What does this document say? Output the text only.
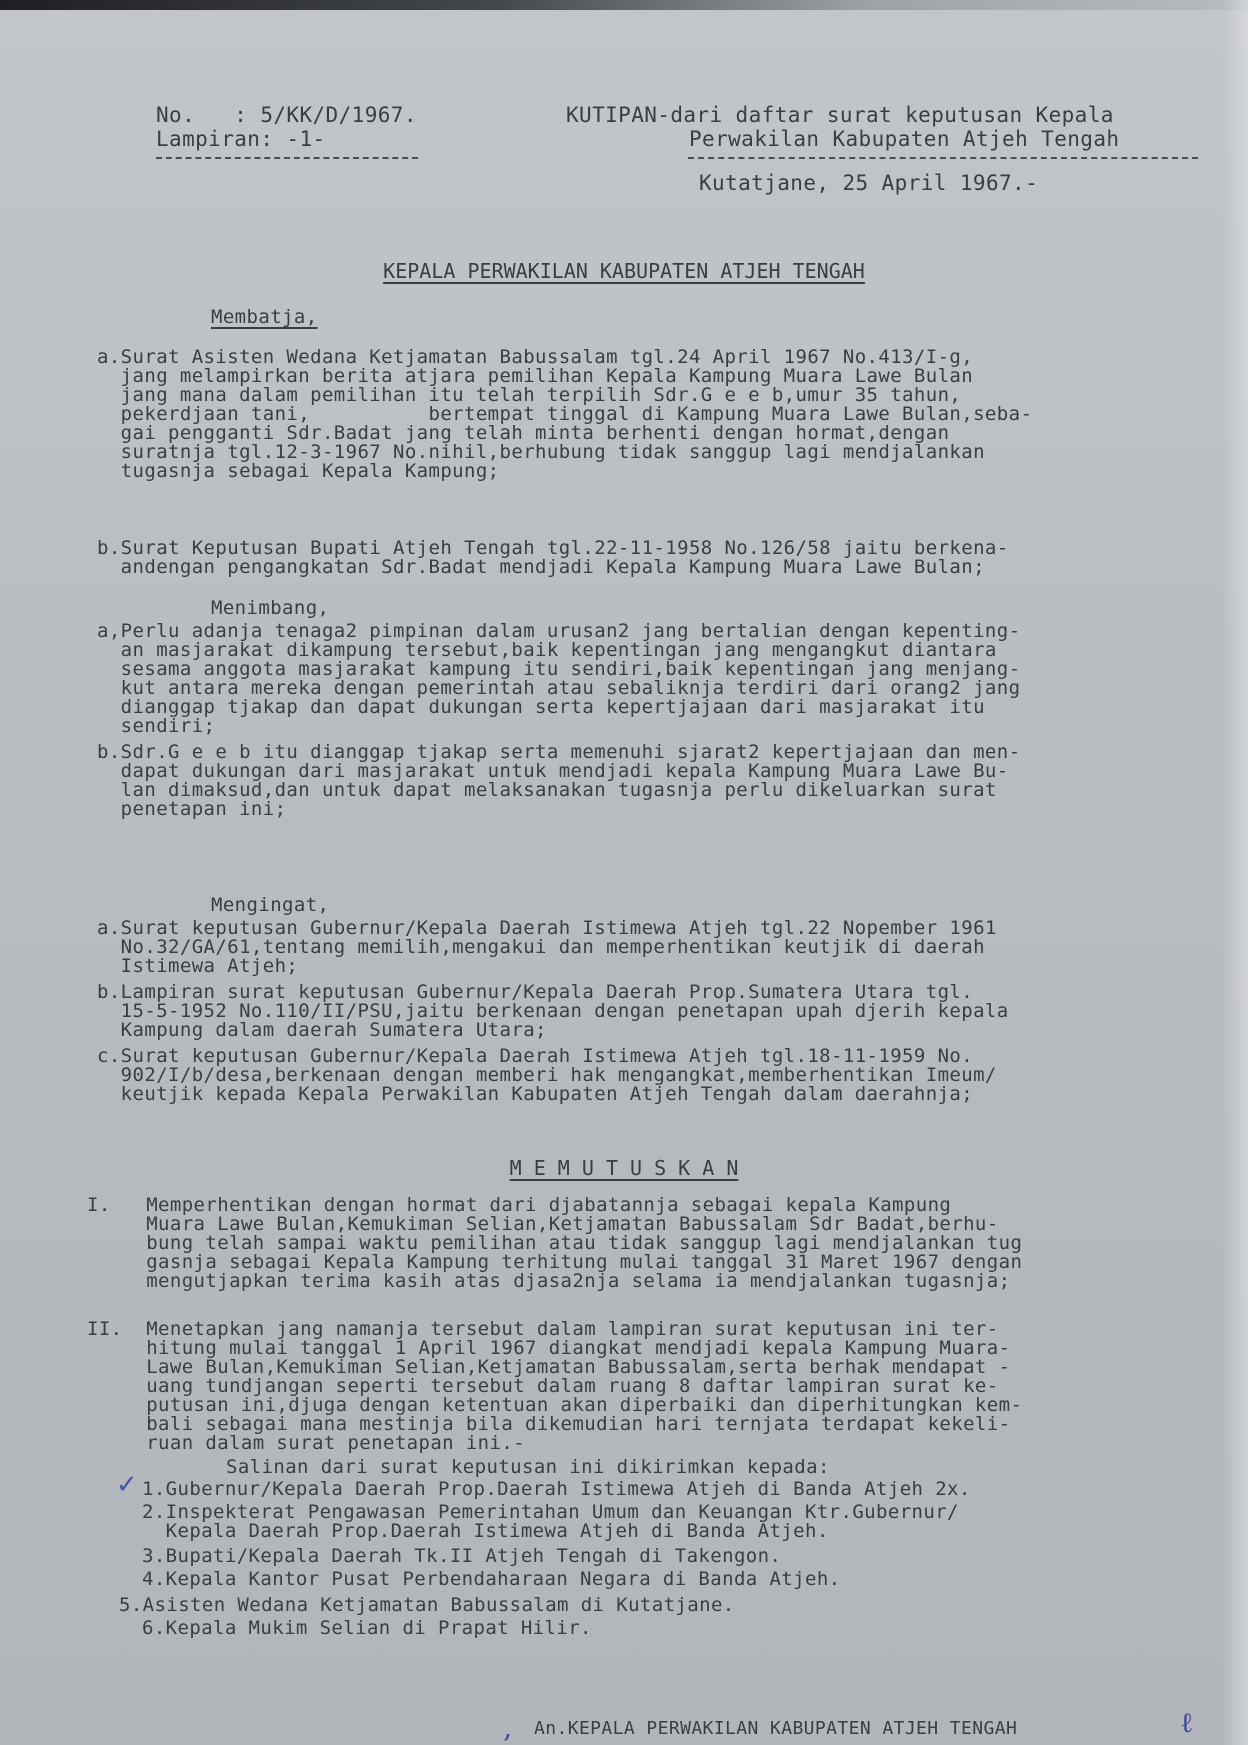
No.   : 5/KK/D/1967.
Lampiran: -1-
KUTIPAN-dari daftar surat keputusan Kepala
Perwakilan Kabupaten Atjeh Tengah
Kutatjane, 25 April 1967.-
KEPALA PERWAKILAN KABUPATEN ATJEH TENGAH
Membatja,
a.Surat Asisten Wedana Ketjamatan Babussalam tgl.24 April 1967 No.413/I-g,
jang melampirkan berita atjara pemilihan Kepala Kampung Muara Lawe Bulan
jang mana dalam pemilihan itu telah terpilih Sdr.G e e b,umur 35 tahun,
pekerdjaan tani,          bertempat tinggal di Kampung Muara Lawe Bulan,seba-
gai pengganti Sdr.Badat jang telah minta berhenti dengan hormat,dengan
suratnja tgl.12-3-1967 No.nihil,berhubung tidak sanggup lagi mendjalankan
tugasnja sebagai Kepala Kampung;
b.Surat Keputusan Bupati Atjeh Tengah tgl.22-11-1958 No.126/58 jaitu berkena-
andengan pengangkatan Sdr.Badat mendjadi Kepala Kampung Muara Lawe Bulan;
Menimbang,
a,Perlu adanja tenaga2 pimpinan dalam urusan2 jang bertalian dengan kepenting-
an masjarakat dikampung tersebut,baik kepentingan jang mengangkut diantara
sesama anggota masjarakat kampung itu sendiri,baik kepentingan jang menjang-
kut antara mereka dengan pemerintah atau sebaliknja terdiri dari orang2 jang
dianggap tjakap dan dapat dukungan serta kepertjajaan dari masjarakat itu
sendiri;
b.Sdr.G e e b itu dianggap tjakap serta memenuhi sjarat2 kepertjajaan dan men-
dapat dukungan dari masjarakat untuk mendjadi kepala Kampung Muara Lawe Bu-
lan dimaksud,dan untuk dapat melaksanakan tugasnja perlu dikeluarkan surat
penetapan ini;
Mengingat,
a.Surat keputusan Gubernur/Kepala Daerah Istimewa Atjeh tgl.22 Nopember 1961
No.32/GA/61,tentang memilih,mengakui dan memperhentikan keutjik di daerah
Istimewa Atjeh;
b.Lampiran surat keputusan Gubernur/Kepala Daerah Prop.Sumatera Utara tgl.
15-5-1952 No.110/II/PSU,jaitu berkenaan dengan penetapan upah djerih kepala
Kampung dalam daerah Sumatera Utara;
c.Surat keputusan Gubernur/Kepala Daerah Istimewa Atjeh tgl.18-11-1959 No.
902/I/b/desa,berkenaan dengan memberi hak mengangkat,memberhentikan Imeum/
keutjik kepada Kepala Perwakilan Kabupaten Atjeh Tengah dalam daerahnja;
M E M U T U S K A N
I.   Memperhentikan dengan hormat dari djabatannja sebagai kepala Kampung
Muara Lawe Bulan,Kemukiman Selian,Ketjamatan Babussalam Sdr Badat,berhu-
bung telah sampai waktu pemilihan atau tidak sanggup lagi mendjalankan tug
gasnja sebagai Kepala Kampung terhitung mulai tanggal 31 Maret 1967 dengan
mengutjapkan terima kasih atas djasa2nja selama ia mendjalankan tugasnja;
II.  Menetapkan jang namanja tersebut dalam lampiran surat keputusan ini ter-
hitung mulai tanggal 1 April 1967 diangkat mendjadi kepala Kampung Muara-
Lawe Bulan,Kemukiman Selian,Ketjamatan Babussalam,serta berhak mendapat -
uang tundjangan seperti tersebut dalam ruang 8 daftar lampiran surat ke-
putusan ini,djuga dengan ketentuan akan diperbaiki dan diperhitungkan kem-
bali sebagai mana mestinja bila dikemudian hari ternjata terdapat kekeli-
ruan dalam surat penetapan ini.-
Salinan dari surat keputusan ini dikirimkan kepada:
✓ 1.Gubernur/Kepala Daerah Prop.Daerah Istimewa Atjeh di Banda Atjeh 2x.
2.Inspekterat Pengawasan Pemerintahan Umum dan Keuangan Ktr.Gubernur/
Kepala Daerah Prop.Daerah Istimewa Atjeh di Banda Atjeh.
3.Bupati/Kepala Daerah Tk.II Atjeh Tengah di Takengon.
4.Kepala Kantor Pusat Perbendaharaan Negara di Banda Atjeh.
5.Asisten Wedana Ketjamatan Babussalam di Kutatjane.
6.Kepala Mukim Selian di Prapat Hilir.
‚ An.KEPALA PERWAKILAN KABUPATEN ATJEH TENGAH	ℓ
